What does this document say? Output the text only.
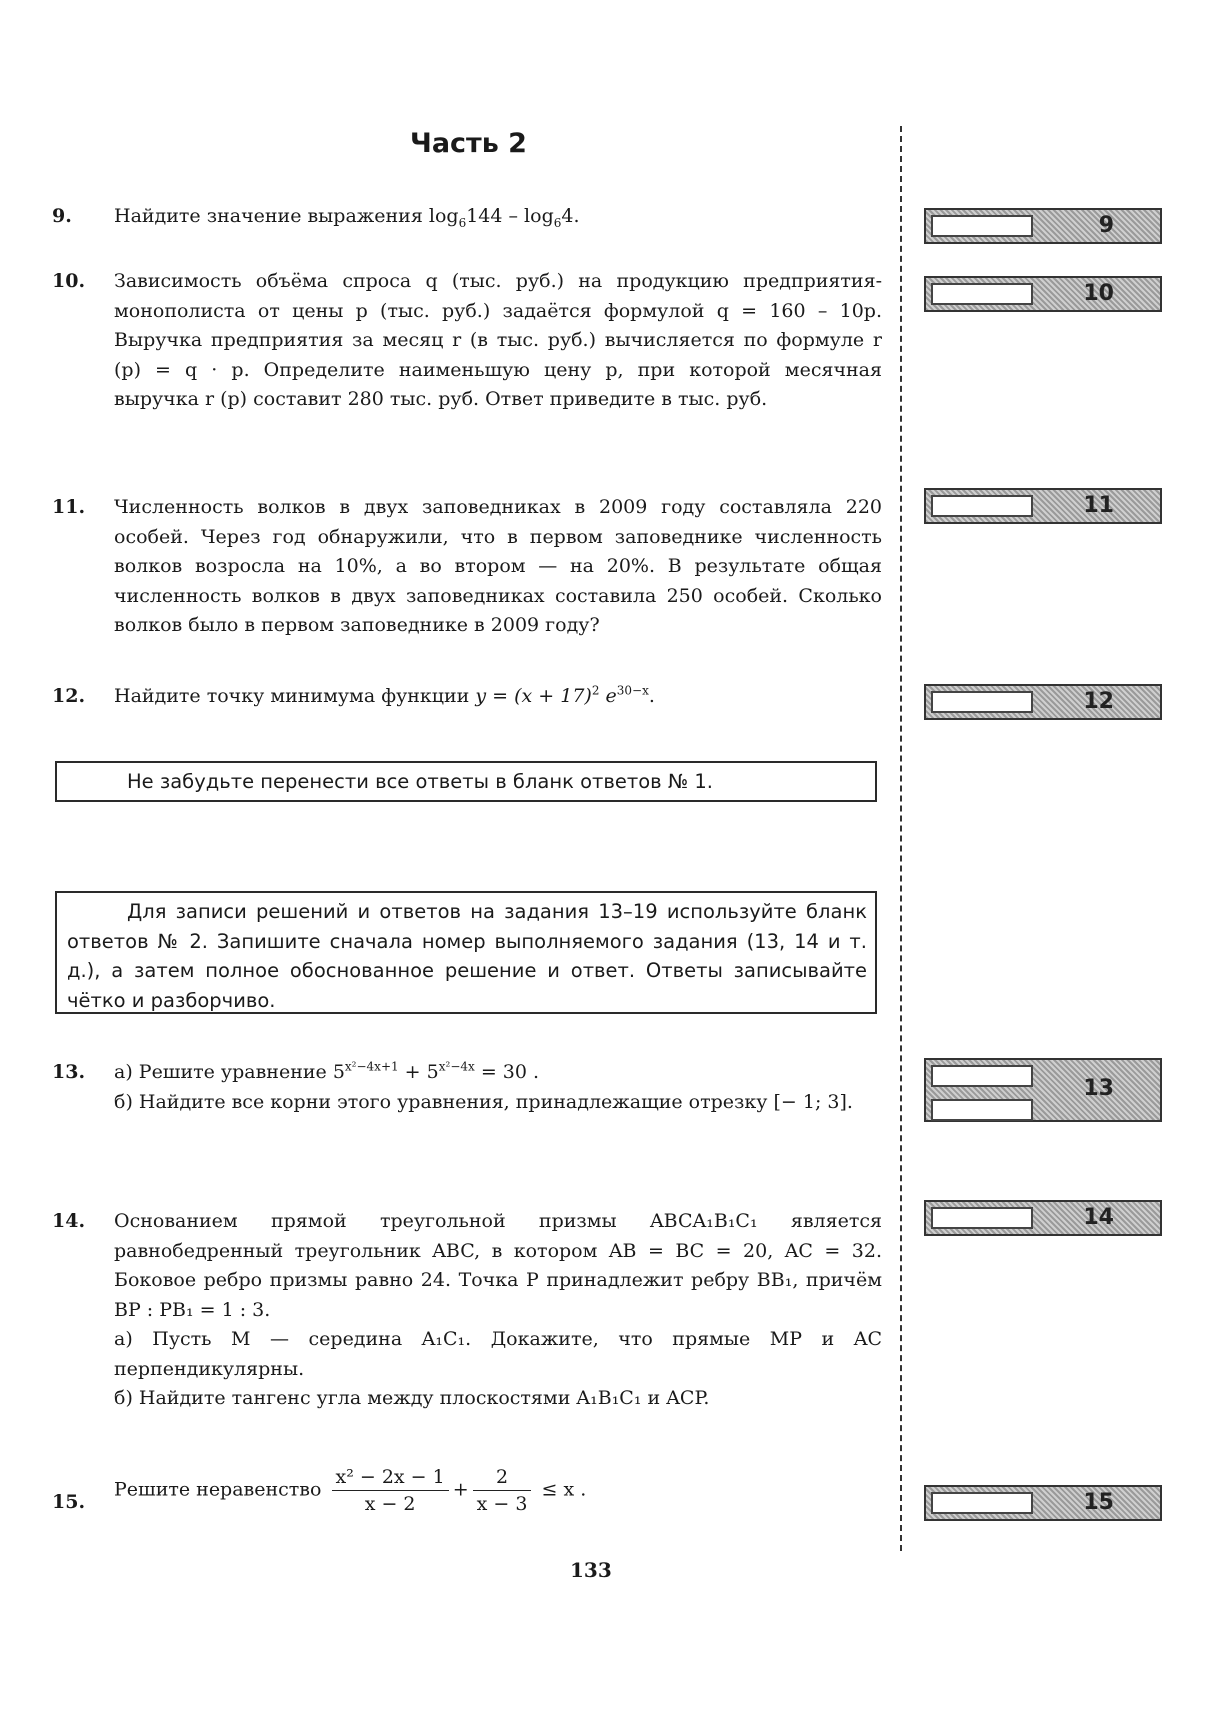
Часть 2
9. Найдите значение выражения $\log_6144 - \log_64$.
10. Зависимость объёма спроса q (тыс. руб.) на продукцию предприятия-монополиста от цены p (тыс. руб.) задаётся формулой q = 160 – 10p. Выручка предприятия за месяц r (в тыс. руб.) вычисляется по формуле r (p) = q · p. Определите наименьшую цену p, при которой месячная выручка r (p) составит 280 тыс. руб. Ответ приведите в тыс. руб.
11. Численность волков в двух заповедниках в 2009 году составляла 220 особей. Через год обнаружили, что в первом заповеднике численность волков возросла на 10%, а во втором — на 20%. В результате общая численность волков в двух заповедниках составила 250 особей. Сколько волков было в первом заповеднике в 2009 году?
12. Найдите точку минимума функции $y = (x + 17)^2$ $e^{30-x}$.
Не забудьте перенести все ответы в бланк ответов № 1.
Для записи решений и ответов на задания 13–19 используйте бланк ответов № 2. Запишите сначала номер выполняемого задания (13, 14 и т. д.), а затем полное обоснованное решение и ответ. Ответы записывайте чётко и разборчиво.
13. а) Решите уравнение $5^{x^2-4x+1} + 5^{x^2-4x} = 30$ .

б) Найдите все корни этого уравнения, принадлежащие отрезку [− 1; 3].

14. Основанием прямой треугольной призмы ABCA₁B₁C₁ является равнобедренный треугольник ABC, в котором AB = BC = 20, AC = 32. Боковое ребро призмы равно 24. Точка P принадлежит ребру BB₁, причём BP : PB₁ = 1 : 3.

а) Пусть M — середина A₁C₁. Докажите, что прямые MP и AC перпендикулярны.

б) Найдите тангенс угла между плоскостями A₁B₁C₁ и ACP.

15.
Решите неравенство $\frac{\text{x² − 2x − 1}}{x - 2} + \frac{2}{x - 3} \le x$ .
9
10
11
12
13
14
15
133
